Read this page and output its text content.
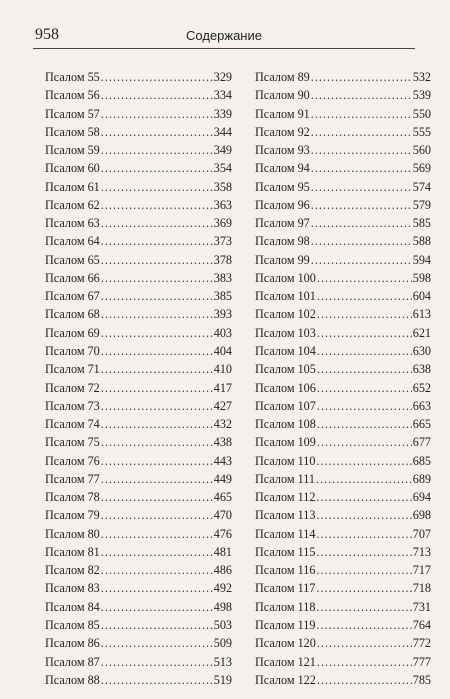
958	Содержание
Псалом 55 .....	329
Псалом 56 .....	334
Псалом 57 .....	339
Псалом 58 .....	344
Псалом 59 .....	349
Псалом 60 .....	354
Псалом 61 .....	358
Псалом 62 .....	363
Псалом 63 .....	369
Псалом 64 .....	373
Псалом 65 .....	378
Псалом 66 .....	383
Псалом 67 .....	385
Псалом 68 .....	393
Псалом 69 .....	403
Псалом 70 .....	404
Псалом 71 .....	410
Псалом 72 .....	417
Псалом 73 .....	427
Псалом 74 .....	432
Псалом 75 .....	438
Псалом 76 .....	443
Псалом 77 .....	449
Псалом 78 .....	465
Псалом 79 .....	470
Псалом 80 .....	476
Псалом 81 .....	481
Псалом 82 .....	486
Псалом 83 .....	492
Псалом 84 .....	498
Псалом 85 .....	503
Псалом 86 .....	509
Псалом 87 .....	513
Псалом 88 .....	519
Псалом 89 .....	532
Псалом 90 .....	539
Псалом 91 .....	550
Псалом 92 .....	555
Псалом 93 .....	560
Псалом 94 .....	569
Псалом 95 .....	574
Псалом 96 .....	579
Псалом 97 .....	585
Псалом 98 .....	588
Псалом 99 .....	594
Псалом 100 .....	598
Псалом 101 .....	604
Псалом 102 .....	613
Псалом 103 .....	621
Псалом 104 .....	630
Псалом 105 .....	638
Псалом 106 .....	652
Псалом 107 .....	663
Псалом 108 .....	665
Псалом 109 .....	677
Псалом 110 .....	685
Псалом 111 .....	689
Псалом 112 .....	694
Псалом 113 .....	698
Псалом 114 .....	707
Псалом 115 .....	713
Псалом 116 .....	717
Псалом 117 .....	718
Псалом 118 .....	731
Псалом 119 .....	764
Псалом 120 .....	772
Псалом 121 .....	777
Псалом 122 .....	785
